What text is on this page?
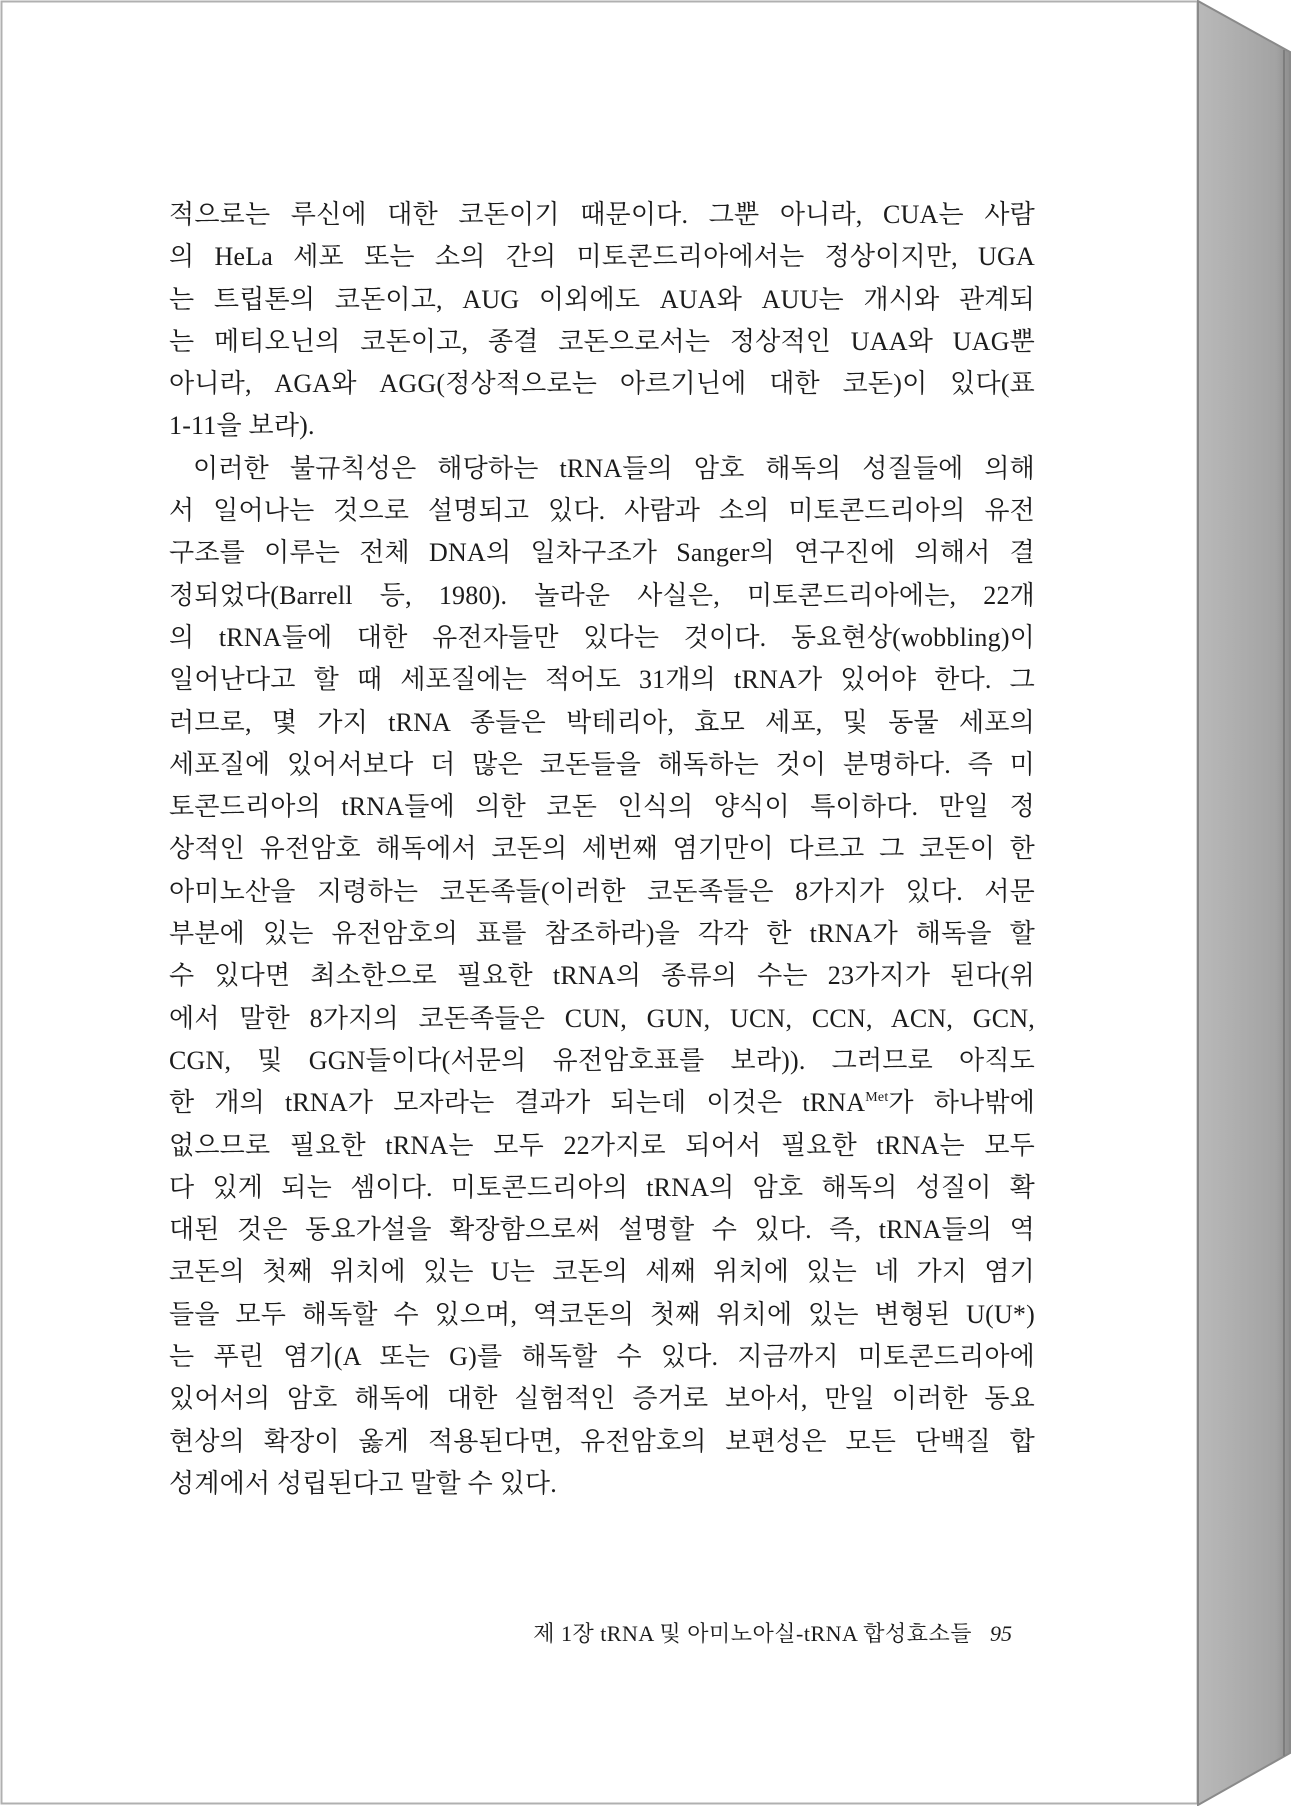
적으로는 루신에 대한 코돈이기 때문이다. 그뿐 아니라, CUA는 사람
의 HeLa 세포 또는 소의 간의 미토콘드리아에서는 정상이지만, UGA
는 트립톤의 코돈이고, AUG 이외에도 AUA와 AUU는 개시와 관계되
는 메티오닌의 코돈이고, 종결 코돈으로서는 정상적인 UAA와 UAG뿐
아니라, AGA와 AGG(정상적으로는 아르기닌에 대한 코돈)이 있다(표
1-11을 보라).
이러한 불규칙성은 해당하는 tRNA들의 암호 해독의 성질들에 의해
서 일어나는 것으로 설명되고 있다. 사람과 소의 미토콘드리아의 유전
구조를 이루는 전체 DNA의 일차구조가 Sanger의 연구진에 의해서 결
정되었다(Barrell 등, 1980). 놀라운 사실은, 미토콘드리아에는, 22개
의 tRNA들에 대한 유전자들만 있다는 것이다. 동요현상(wobbling)이
일어난다고 할 때 세포질에는 적어도 31개의 tRNA가 있어야 한다. 그
러므로, 몇 가지 tRNA 종들은 박테리아, 효모 세포, 및 동물 세포의
세포질에 있어서보다 더 많은 코돈들을 해독하는 것이 분명하다. 즉 미
토콘드리아의 tRNA들에 의한 코돈 인식의 양식이 특이하다. 만일 정
상적인 유전암호 해독에서 코돈의 세번째 염기만이 다르고 그 코돈이 한
아미노산을 지령하는 코돈족들(이러한 코돈족들은 8가지가 있다. 서문
부분에 있는 유전암호의 표를 참조하라)을 각각 한 tRNA가 해독을 할
수 있다면 최소한으로 필요한 tRNA의 종류의 수는 23가지가 된다(위
에서 말한 8가지의 코돈족들은 CUN, GUN, UCN, CCN, ACN, GCN,
CGN, 및 GGN들이다(서문의 유전암호표를 보라)). 그러므로 아직도
한 개의 tRNA가 모자라는 결과가 되는데 이것은 tRNA$^{Met}$가 하나밖에
없으므로 필요한 tRNA는 모두 22가지로 되어서 필요한 tRNA는 모두
다 있게 되는 셈이다. 미토콘드리아의 tRNA의 암호 해독의 성질이 확
대된 것은 동요가설을 확장함으로써 설명할 수 있다. 즉, tRNA들의 역
코돈의 첫째 위치에 있는 U는 코돈의 세째 위치에 있는 네 가지 염기
들을 모두 해독할 수 있으며, 역코돈의 첫째 위치에 있는 변형된 U(U*)
는 푸린 염기(A 또는 G)를 해독할 수 있다. 지금까지 미토콘드리아에
있어서의 암호 해독에 대한 실험적인 증거로 보아서, 만일 이러한 동요
현상의 확장이 옳게 적용된다면, 유전암호의 보편성은 모든 단백질 합
성계에서 성립된다고 말할 수 있다.
제 1장 tRNA 및 아미노아실-tRNA 합성효소들 95
